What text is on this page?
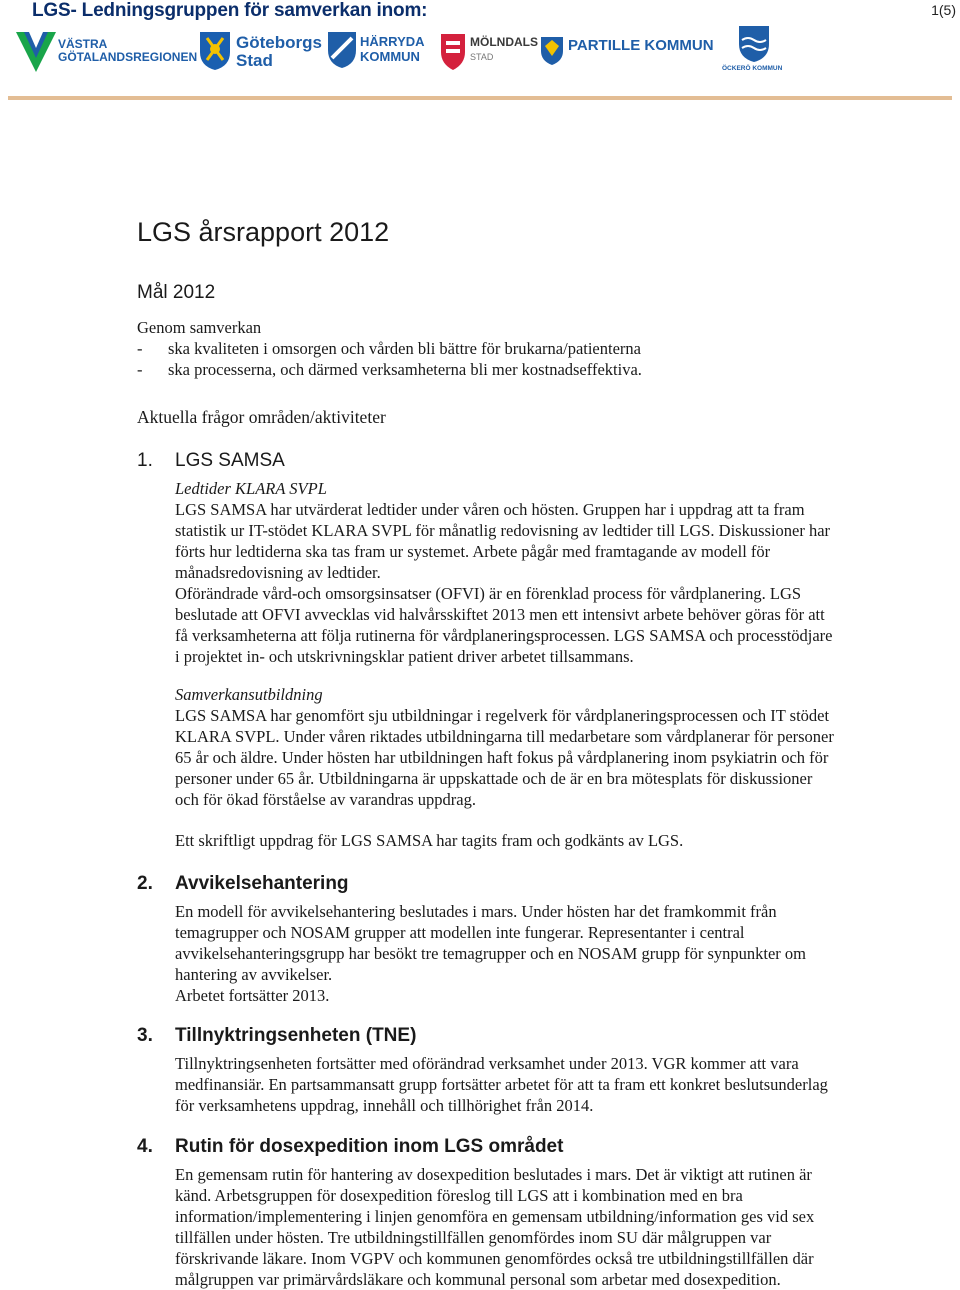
LGS- Ledningsgruppen för samverkan inom:	1(5)
VÄSTRA
GÖTALANDSREGIONEN
Göteborgs
Stad
HÄRRYDA
KOMMUN
MÖLNDALS
STAD
PARTILLE KOMMUN
ÖCKERÖ KOMMUN
LGS årsrapport 2012
Mål 2012
Genom samverkan
- ska kvaliteten i omsorgen och vården bli bättre för brukarna/patienterna
- ska processerna, och därmed verksamheterna bli mer kostnadseffektiva.
Aktuella frågor områden/aktiviteter
1. LGS SAMSA
Ledtider KLARA SVPL
LGS SAMSA har utvärderat ledtider under våren och hösten. Gruppen har i uppdrag att ta fram
statistik ur IT-stödet KLARA SVPL för månatlig redovisning av ledtider till LGS. Diskussioner har
förts hur ledtiderna ska tas fram ur systemet. Arbete pågår med framtagande av modell för
månadsredovisning av ledtider.
Oförändrade vård-och omsorgsinsatser (OFVI) är en förenklad process för vårdplanering. LGS
beslutade att OFVI avvecklas vid halvårsskiftet 2013 men ett intensivt arbete behöver göras för att
få verksamheterna att följa rutinerna för vårdplaneringsprocessen. LGS SAMSA och processtödjare
i projektet in- och utskrivningsklar patient driver arbetet tillsammans.
Samverkansutbildning
LGS SAMSA har genomfört sju utbildningar i regelverk för vårdplaneringsprocessen och IT stödet
KLARA SVPL. Under våren riktades utbildningarna till medarbetare som vårdplanerar för personer
65 år och äldre. Under hösten har utbildningen haft fokus på vårdplanering inom psykiatrin och för
personer under 65 år. Utbildningarna är uppskattade och de är en bra mötesplats för diskussioner
och för ökad förståelse av varandras uppdrag.
Ett skriftligt uppdrag för LGS SAMSA har tagits fram och godkänts av LGS.
2. Avvikelsehantering
En modell för avvikelsehantering beslutades i mars. Under hösten har det framkommit från
temagrupper och NOSAM grupper att modellen inte fungerar. Representanter i central
avvikelsehanteringsgrupp har besökt tre temagrupper och en NOSAM grupp för synpunkter om
hantering av avvikelser.
Arbetet fortsätter 2013.
3. Tillnyktringsenheten (TNE)
Tillnyktringsenheten fortsätter med oförändrad verksamhet under 2013. VGR kommer att vara
medfinansiär. En partsammansatt grupp fortsätter arbetet för att ta fram ett konkret beslutsunderlag
för verksamhetens uppdrag, innehåll och tillhörighet från 2014.
4. Rutin för dosexpedition inom LGS området
En gemensam rutin för hantering av dosexpedition beslutades i mars. Det är viktigt att rutinen är
känd. Arbetsgruppen för dosexpedition föreslog till LGS att i kombination med en bra
information/implementering i linjen genomföra en gemensam utbildning/information ges vid sex
tillfällen under hösten. Tre utbildningstillfällen genomfördes inom SU där målgruppen var
förskrivande läkare. Inom VGPV och kommunen genomfördes också tre utbildningstillfällen där
målgruppen var primärvårdsläkare och kommunal personal som arbetar med dosexpedition.
